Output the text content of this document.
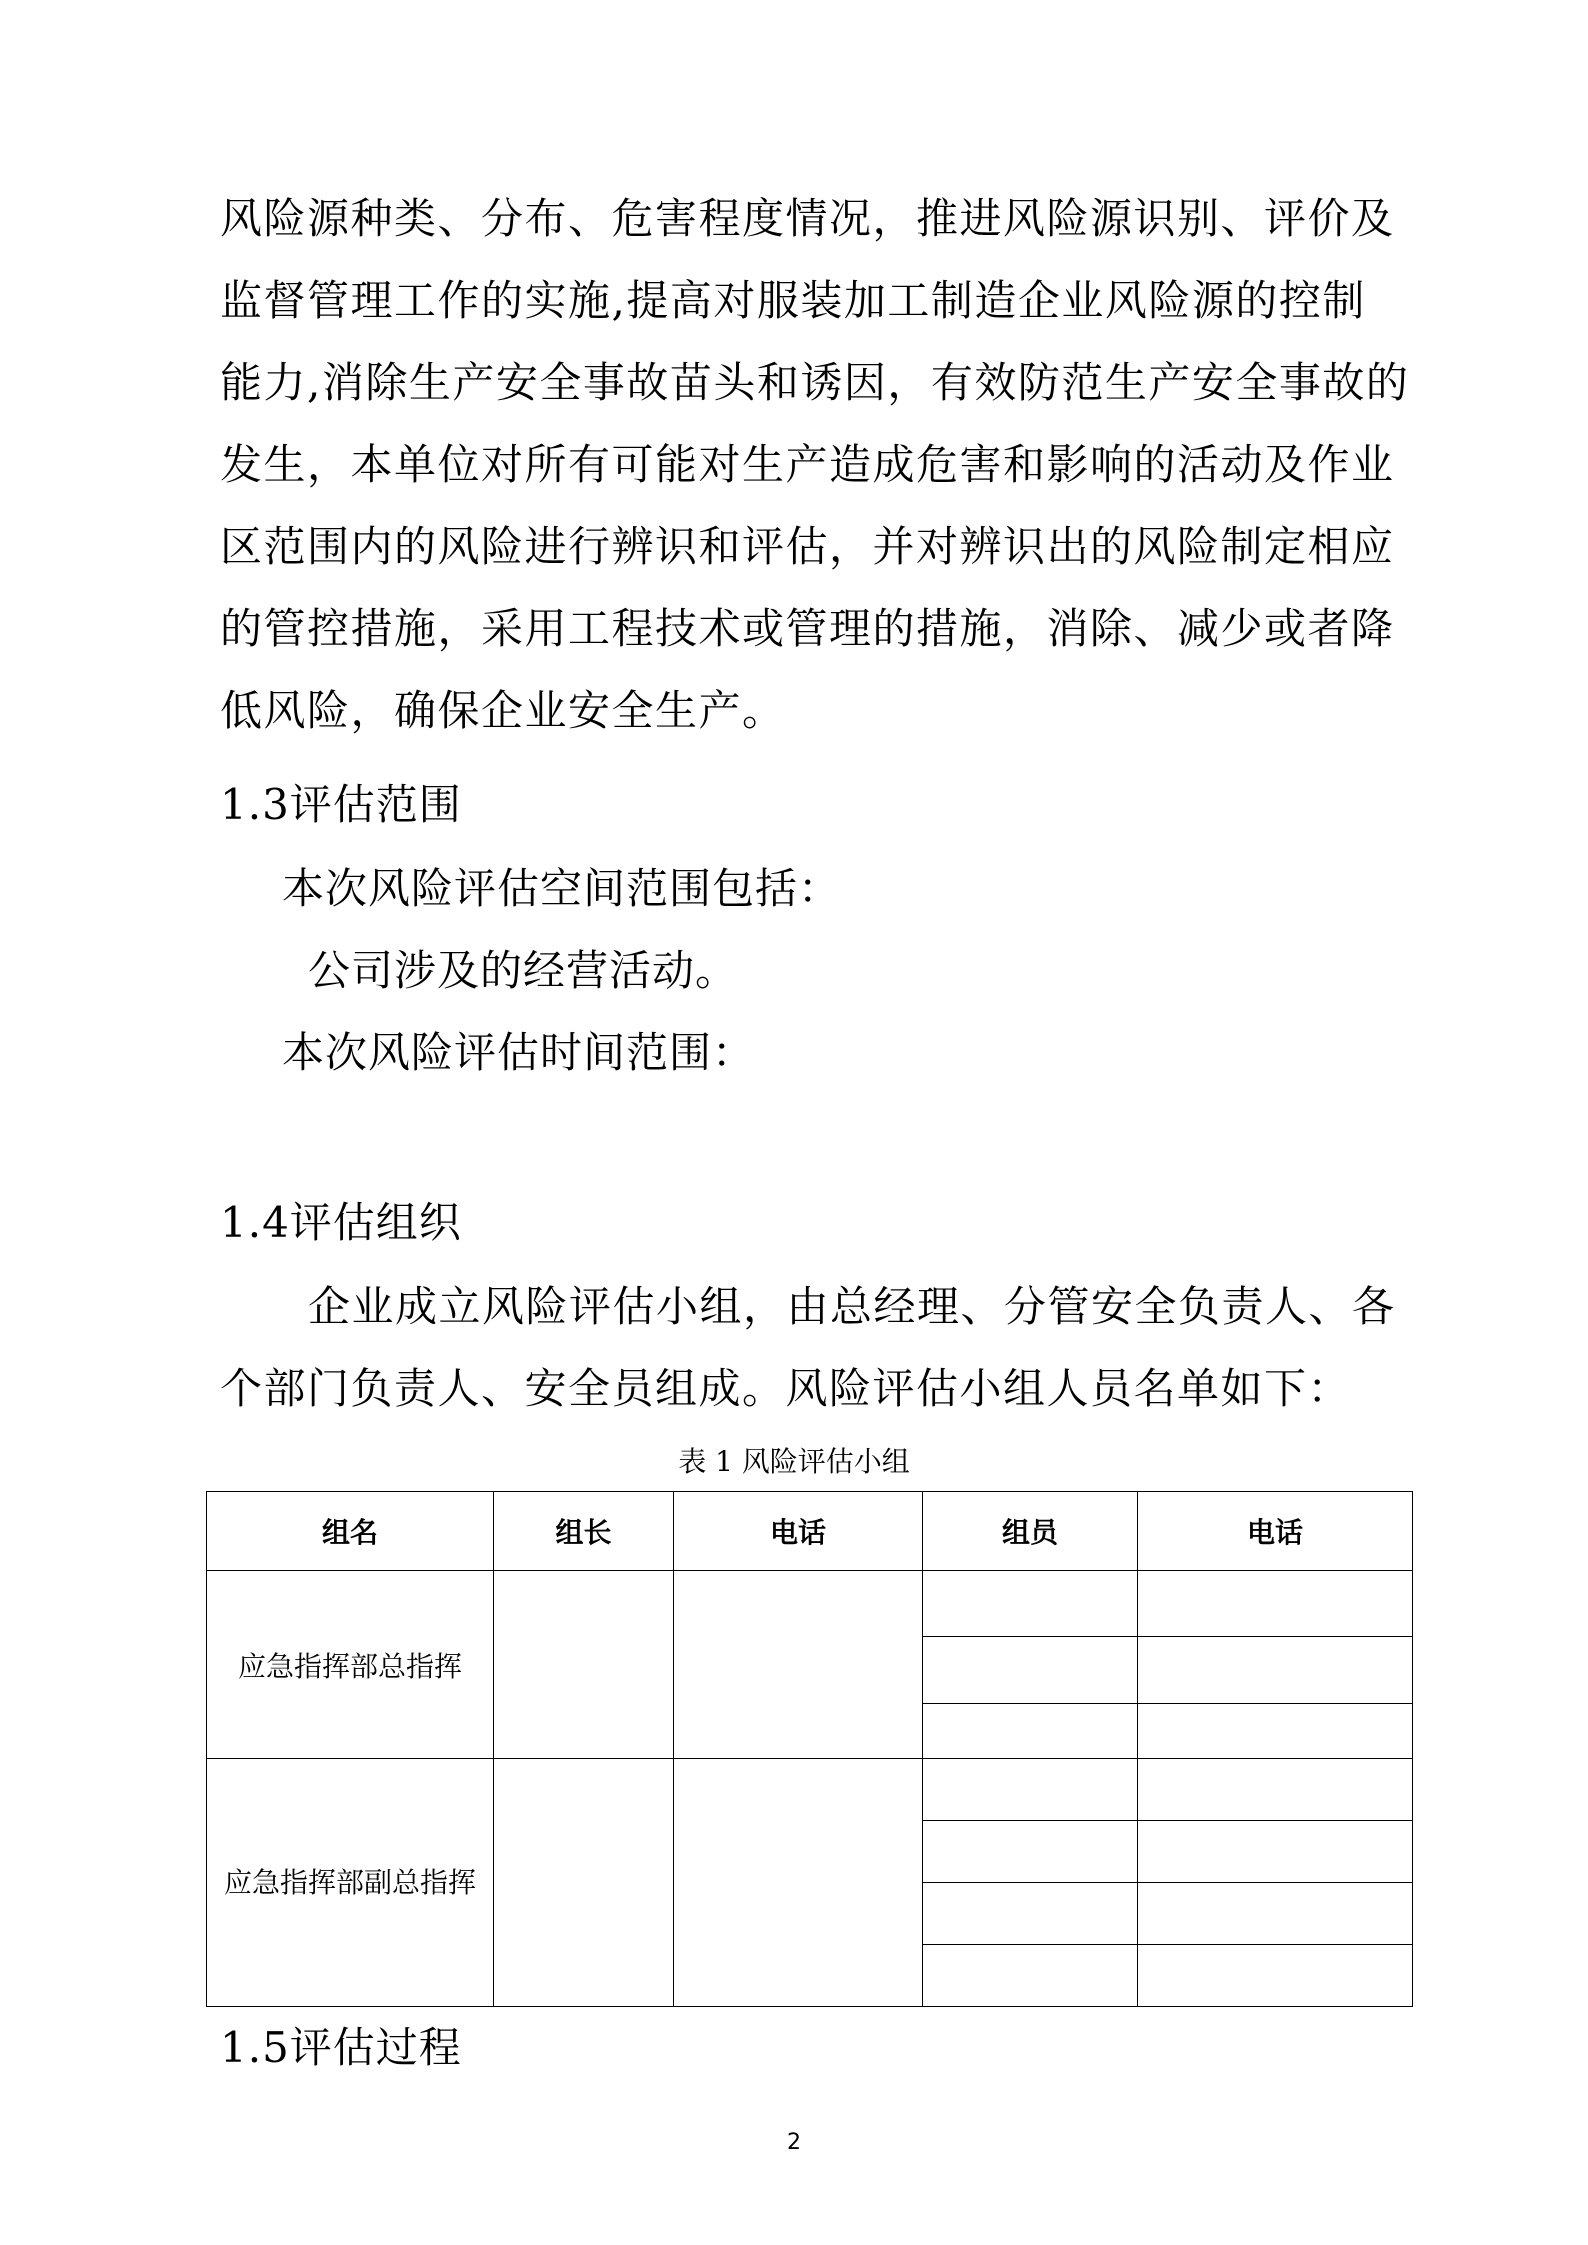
风险源种类、分布、危害程度情况，推进风险源识别、评价及
监督管理工作的实施,提高对服装加工制造企业风险源的控制
能力,消除生产安全事故苗头和诱因，有效防范生产安全事故的
发生，本单位对所有可能对生产造成危害和影响的活动及作业
区范围内的风险进行辨识和评估，并对辨识出的风险制定相应
的管控措施，采用工程技术或管理的措施，消除、减少或者降
低风险，确保企业安全生产。

1.3评估范围

本次风险评估空间范围包括：

公司涉及的经营活动。

本次风险评估时间范围：

1.4评估组织

企业成立风险评估小组，由总经理、分管安全负责人、各
个部门负责人、安全员组成。风险评估小组人员名单如下：

表 1 风险评估小组

组名	组长	电话	组员	电话
应急指挥部总指挥				

应急指挥部副总指挥				

1.5评估过程

2
